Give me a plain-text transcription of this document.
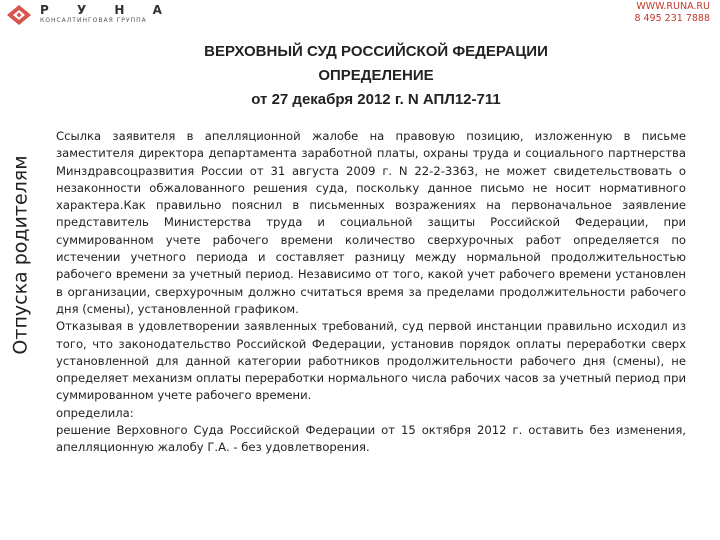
Р У Н А
КОНСАЛТИНГОВАЯ ГРУППА
WWW.RUNA.RU
8 495 231 7888
Отпуска родителям
ВЕРХОВНЫЙ СУД РОССИЙСКОЙ ФЕДЕРАЦИИ
ОПРЕДЕЛЕНИЕ
от 27 декабря 2012 г. N АПЛ12-711

Ссылка заявителя в апелляционной жалобе на правовую позицию, изложенную в письме заместителя директора департамента заработной платы, охраны труда и социального партнерства Минздравсоцразвития России от 31 августа 2009 г. N 22-2-3363, не может свидетельствовать о незаконности обжалованного решения суда, поскольку данное письмо не носит нормативного характера.Как правильно пояснил в письменных возражениях на первоначальное заявление представитель Министерства труда и социальной защиты Российской Федерации, при суммированном учете рабочего времени количество сверхурочных работ определяется по истечении учетного периода и составляет разницу между нормальной продолжительностью рабочего времени за учетный период. Независимо от того, какой учет рабочего времени установлен в организации, сверхурочным должно считаться время за пределами продолжительности рабочего дня (смены), установленной графиком.

Отказывая в удовлетворении заявленных требований, суд первой инстанции правильно исходил из того, что законодательство Российской Федерации, установив порядок оплаты переработки сверх установленной для данной категории работников продолжительности рабочего дня (смены), не определяет механизм оплаты переработки нормального числа рабочих часов за учетный период при суммированном учете рабочего времени.

определила:

решение Верховного Суда Российской Федерации от 15 октября 2012 г. оставить без изменения, апелляционную жалобу Г.А. - без удовлетворения.
